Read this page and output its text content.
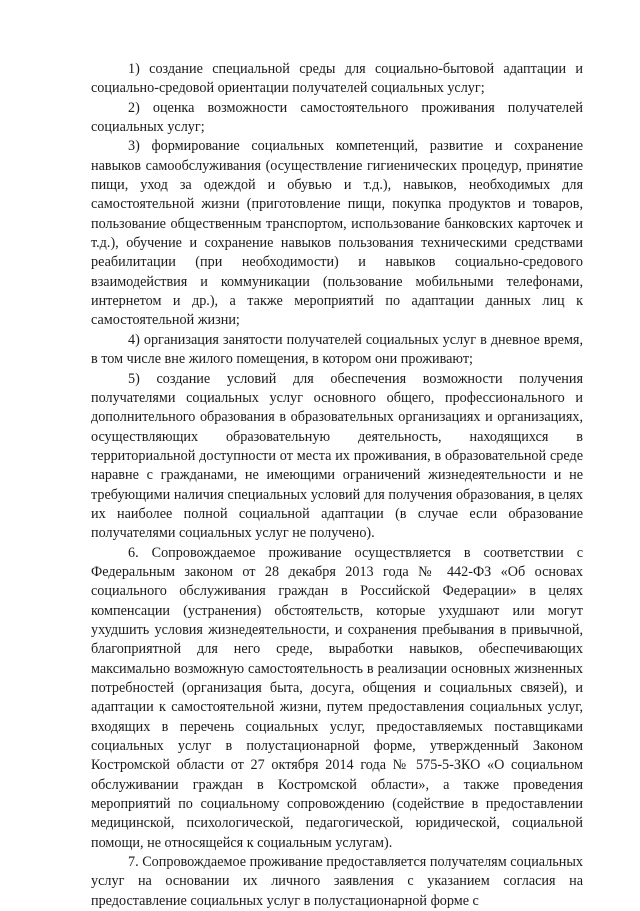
1) создание специальной среды для социально-бытовой адаптации и социально-средовой ориентации получателей социальных услуг;

2) оценка возможности самостоятельного проживания получателей социальных услуг;

3) формирование социальных компетенций, развитие и сохранение навыков самообслуживания (осуществление гигиенических процедур, принятие пищи, уход за одеждой и обувью и т.д.), навыков, необходимых для самостоятельной жизни (приготовление пищи, покупка продуктов и товаров, пользование общественным транспортом, использование банковских карточек и т.д.), обучение и сохранение навыков пользования техническими средствами реабилитации (при необходимости) и навыков социально-средового взаимодействия и коммуникации (пользование мобильными телефонами, интернетом и др.), а также мероприятий по адаптации данных лиц к самостоятельной жизни;

4) организация занятости получателей социальных услуг в дневное время, в том числе вне жилого помещения, в котором они проживают;

5) создание условий для обеспечения возможности получения получателями социальных услуг основного общего, профессионального и дополнительного образования в образовательных организациях и организациях, осуществляющих образовательную деятельность, находящихся в территориальной доступности от места их проживания, в образовательной среде наравне с гражданами, не имеющими ограничений жизнедеятельности и не требующими наличия специальных условий для получения образования, в целях их наиболее полной социальной адаптации (в случае если образование получателями социальных услуг не получено).

6. Сопровождаемое проживание осуществляется в соответствии с Федеральным законом от 28 декабря 2013 года № 442-ФЗ «Об основах социального обслуживания граждан в Российской Федерации» в целях компенсации (устранения) обстоятельств, которые ухудшают или могут ухудшить условия жизнедеятельности, и сохранения пребывания в привычной, благоприятной для него среде, выработки навыков, обеспечивающих максимально возможную самостоятельность в реализации основных жизненных потребностей (организация быта, досуга, общения и социальных связей), и адаптации к самостоятельной жизни, путем предоставления социальных услуг, входящих в перечень социальных услуг, предоставляемых поставщиками социальных услуг в полустационарной форме, утвержденный Законом Костромской области от 27 октября 2014 года № 575-5-ЗКО «О социальном обслуживании граждан в Костромской области», а также проведения мероприятий по социальному сопровождению (содействие в предоставлении медицинской, психологической, педагогической, юридической, социальной помощи, не относящейся к социальным услугам).

7. Сопровождаемое проживание предоставляется получателям социальных услуг на основании их личного заявления с указанием согласия на предоставление социальных услуг в полустационарной форме с
